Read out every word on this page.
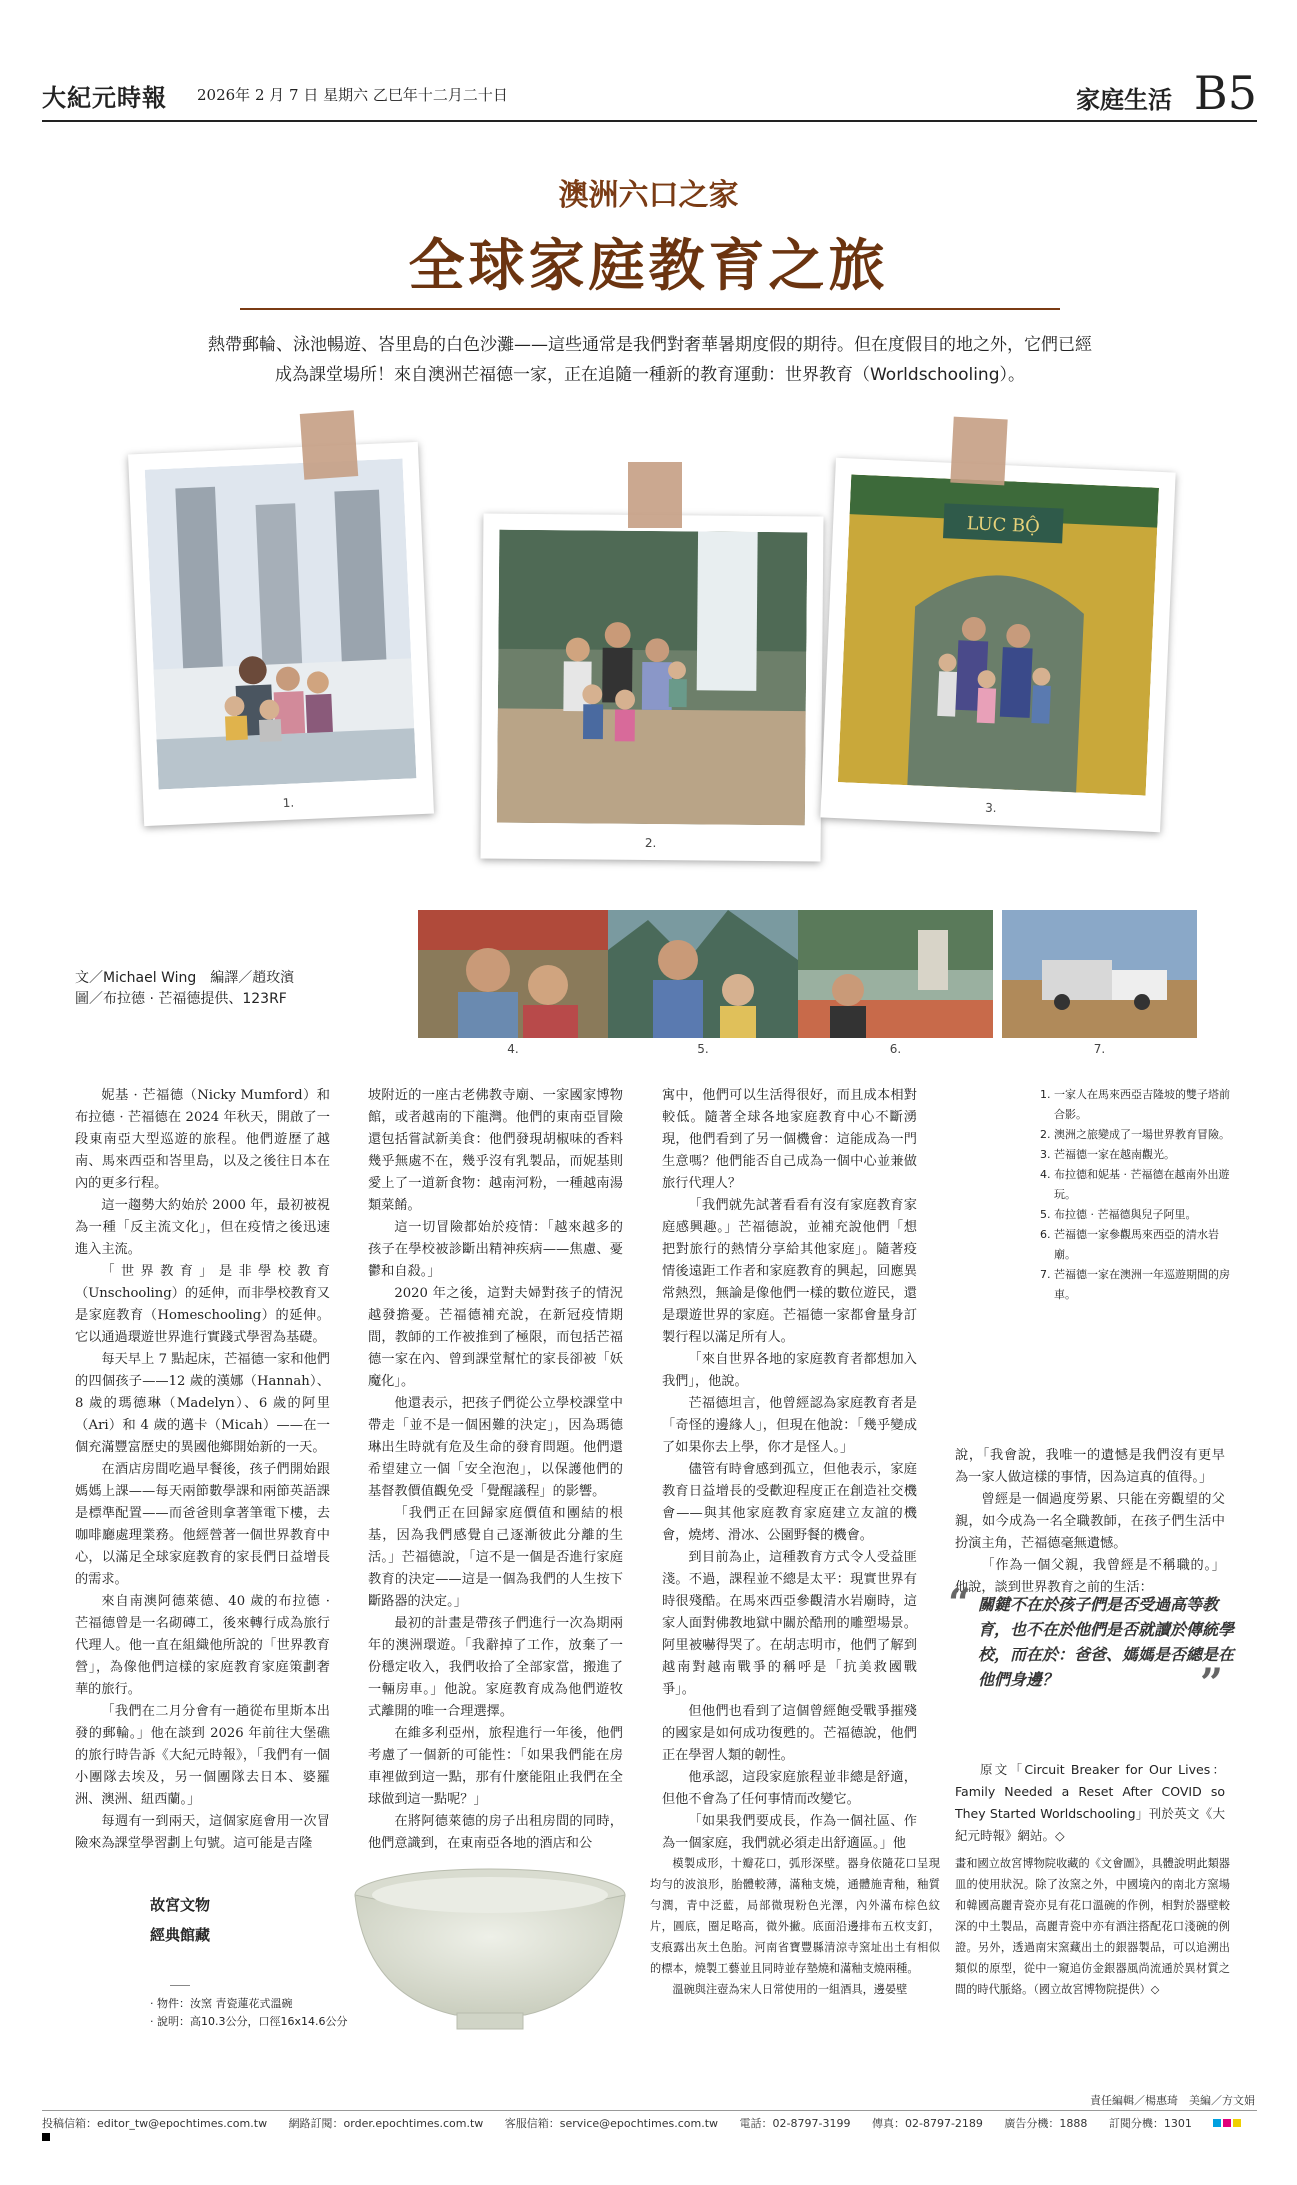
大紀元時報 2026年 2 月 7 日 星期六 乙巳年十二月二十日	家庭生活 B5
澳洲六口之家
全球家庭教育之旅
熱帶郵輪、泳池暢遊、峇里島的白色沙灘——這些通常是我們對奢華暑期度假的期待。但在度假目的地之外，它們已經成為課堂場所！來自澳洲芒福德一家，正在追隨一種新的教育運動：世界教育（Worldschooling）。
1.
2.
LUC BỘ
3.
4.	5.	6.	7.
文／Michael Wing　編譯／趙玫濱
圖／布拉德 · 芒福德提供、123RF

妮基 · 芒福德（Nicky Mumford）和布拉德 · 芒福德在 2024 年秋天，開啟了一段東南亞大型巡遊的旅程。他們遊歷了越南、馬來西亞和峇里島，以及之後往日本在內的更多行程。

這一趨勢大約始於 2000 年，最初被視為一種「反主流文化」，但在疫情之後迅速進入主流。

「世界教育」是非學校教育（Unschooling）的延伸，而非學校教育又是家庭教育（Homeschooling）的延伸。它以通過環遊世界進行實踐式學習為基礎。

每天早上 7 點起床，芒福德一家和他們的四個孩子——12 歲的漢娜（Hannah）、8 歲的瑪德琳（Madelyn）、6 歲的阿里（Ari）和 4 歲的邁卡（Micah）——在一個充滿豐富歷史的異國他鄉開始新的一天。

在酒店房間吃過早餐後，孩子們開始跟媽媽上課——每天兩節數學課和兩節英語課是標準配置——而爸爸則拿著筆電下樓，去咖啡廳處理業務。他經營著一個世界教育中心，以滿足全球家庭教育的家長們日益增長的需求。

來自南澳阿德萊德、40 歲的布拉德 · 芒福德曾是一名砌磚工，後來轉行成為旅行代理人。他一直在組織他所說的「世界教育營」，為像他們這樣的家庭教育家庭策劃奢華的旅行。

「我們在二月分會有一趟從布里斯本出發的郵輪。」他在談到 2026 年前往大堡礁的旅行時告訴《大紀元時報》，「我們有一個小團隊去埃及，另一個團隊去日本、婆羅洲、澳洲、紐西蘭。」

每週有一到兩天，這個家庭會用一次冒險來為課堂學習劃上句號。這可能是吉隆

坡附近的一座古老佛教寺廟、一家國家博物館，或者越南的下龍灣。他們的東南亞冒險還包括嘗試新美食：他們發現胡椒味的香料幾乎無處不在，幾乎沒有乳製品，而妮基則愛上了一道新食物：越南河粉，一種越南湯類菜餚。

這一切冒險都始於疫情：「越來越多的孩子在學校被診斷出精神疾病——焦慮、憂鬱和自殺。」

2020 年之後，這對夫婦對孩子的情況越發擔憂。芒福德補充說，在新冠疫情期間，教師的工作被推到了極限，而包括芒福德一家在內、曾到課堂幫忙的家長卻被「妖魔化」。

他還表示，把孩子們從公立學校課堂中帶走「並不是一個困難的決定」，因為瑪德琳出生時就有危及生命的發育問題。他們還希望建立一個「安全泡泡」，以保護他們的基督教價值觀免受「覺醒議程」的影響。

「我們正在回歸家庭價值和團結的根基，因為我們感覺自己逐漸彼此分離的生活。」芒福德說，「這不是一個是否進行家庭教育的決定——這是一個為我們的人生按下斷路器的決定。」

最初的計畫是帶孩子們進行一次為期兩年的澳洲環遊。「我辭掉了工作，放棄了一份穩定收入，我們收拾了全部家當，搬進了一輛房車。」他說。家庭教育成為他們遊牧式離開的唯一合理選擇。

在維多利亞州，旅程進行一年後，他們考慮了一個新的可能性：「如果我們能在房車裡做到這一點，那有什麼能阻止我們在全球做到這一點呢？」

在將阿德萊德的房子出租房間的同時，他們意識到，在東南亞各地的酒店和公

寓中，他們可以生活得很好，而且成本相對較低。隨著全球各地家庭教育中心不斷湧現，他們看到了另一個機會：這能成為一門生意嗎？他們能否自己成為一個中心並兼做旅行代理人？

「我們就先試著看看有沒有家庭教育家庭感興趣。」芒福德說，並補充說他們「想把對旅行的熱情分享給其他家庭」。隨著疫情後遠距工作者和家庭教育的興起，回應異常熱烈，無論是像他們一樣的數位遊民，還是環遊世界的家庭。芒福德一家都會量身訂製行程以滿足所有人。

「來自世界各地的家庭教育者都想加入我們」，他說。

芒福德坦言，他曾經認為家庭教育者是「奇怪的邊緣人」，但現在他說：「幾乎變成了如果你去上學，你才是怪人。」

儘管有時會感到孤立，但他表示，家庭教育日益增長的受歡迎程度正在創造社交機會——與其他家庭教育家庭建立友誼的機會，燒烤、滑冰、公園野餐的機會。

到目前為止，這種教育方式令人受益匪淺。不過，課程並不總是太平：現實世界有時很殘酷。在馬來西亞參觀清水岩廟時，這家人面對佛教地獄中關於酷刑的雕塑場景。阿里被嚇得哭了。在胡志明市，他們了解到越南對越南戰爭的稱呼是「抗美救國戰爭」。

但他們也看到了這個曾經飽受戰爭摧殘的國家是如何成功復甦的。芒福德說，他們正在學習人類的韌性。

他承認，這段家庭旅程並非總是舒適，但他不會為了任何事情而改變它。

「如果我們要成長，作為一個社區、作為一個家庭，我們就必須走出舒適區。」他

1. 一家人在馬來西亞吉隆坡的雙子塔前合影。
2. 澳洲之旅變成了一場世界教育冒險。
3. 芒福德一家在越南觀光。
4. 布拉德和妮基 · 芒福德在越南外出遊玩。
5. 布拉德 · 芒福德與兒子阿里。
6. 芒福德一家參觀馬來西亞的清水岩廟。
7. 芒福德一家在澳洲一年巡遊期間的房車。

說，「我會說，我唯一的遺憾是我們沒有更早為一家人做這樣的事情，因為這真的值得。」

曾經是一個過度勞累、只能在旁觀望的父親，如今成為一名全職教師，在孩子們生活中扮演主角，芒福德毫無遺憾。

「作為一個父親，我曾經是不稱職的。」他說，談到世界教育之前的生活：

原文「Circuit Breaker for Our Lives：Family Needed a Reset After COVID so They Started Worldschooling」刊於英文《大紀元時報》網站。◇

“ 關鍵不在於孩子們是否受過高等教育，也不在於他們是否就讀於傳統學校，而在於：爸爸、媽媽是否總是在他們身邊？	”
故宮文物
經典館藏
· 物件：汝窯 青瓷蓮花式溫碗
· 說明：高10.3公分，口徑16x14.6公分

模製成形，十瓣花口，弧形深壁。器身依隨花口呈現均勻的波浪形，胎體較薄，滿釉支燒，通體施青釉，釉質勻潤，青中泛藍，局部微現粉色光澤，內外滿布棕色紋片，圓底，圈足略高，微外撇。底面沿邊排布五枚支釘，支痕露出灰土色胎。河南省寶豐縣清涼寺窯址出土有相似的標本，燒製工藝並且同時並存墊燒和滿釉支燒兩種。

溫碗與注壺為宋人日常使用的一組酒具，邊晏壁

畫和國立故宮博物院收藏的《文會圖》，具體說明此類器皿的使用狀況。除了汝窯之外，中國境內的南北方窯場和韓國高麗青瓷亦見有花口溫碗的作例，相對於器壁較深的中土製品，高麗青瓷中亦有酒注搭配花口淺碗的例證。另外，透過南宋窯藏出土的銀器製品，可以追溯出類似的原型，從中一窺追仿金銀器風尚流通於異材質之間的時代脈絡。（國立故宮博物院提供）◇

責任編輯／楊惠琦　美編／方文娟
投稿信箱：editor_tw@epochtimes.com.tw 網路訂閱：order.epochtimes.com.tw 客服信箱：service@epochtimes.com.tw 電話：02-8797-3199 傳真：02-8797-2189 廣告分機：1888 訂閱分機：1301
